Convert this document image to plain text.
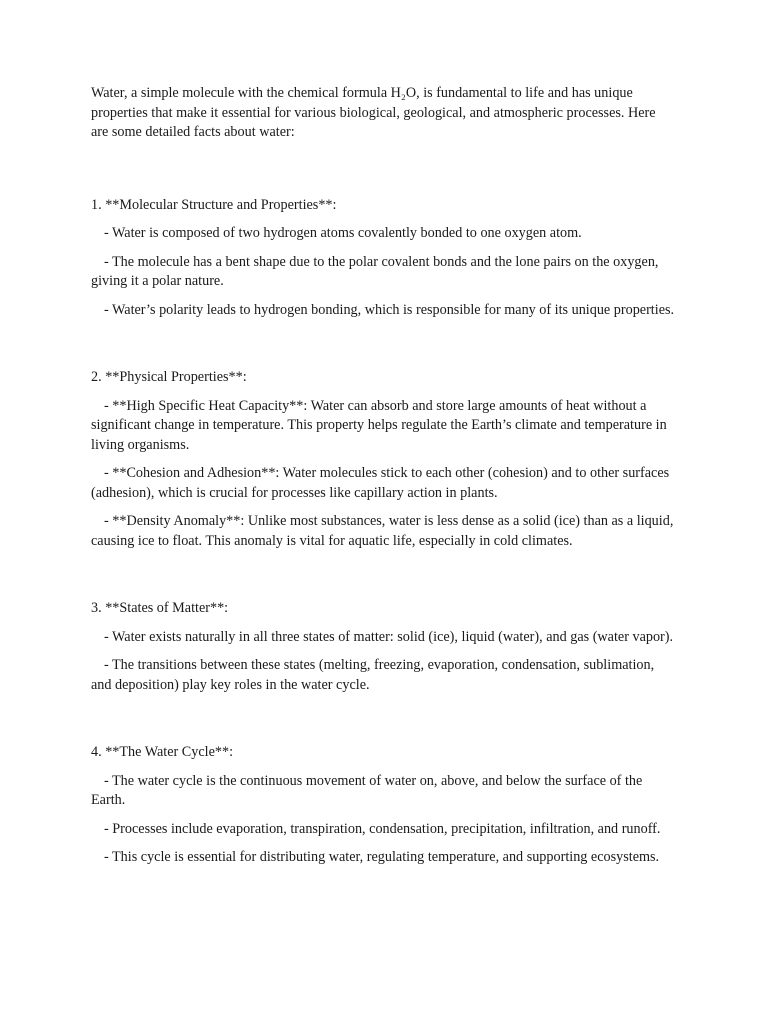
Water, a simple molecule with the chemical formula H₂O, is fundamental to life and has unique properties that make it essential for various biological, geological, and atmospheric processes. Here are some detailed facts about water:

1. **Molecular Structure and Properties**:

- Water is composed of two hydrogen atoms covalently bonded to one oxygen atom.

- The molecule has a bent shape due to the polar covalent bonds and the lone pairs on the oxygen, giving it a polar nature.

- Water’s polarity leads to hydrogen bonding, which is responsible for many of its unique properties.

2. **Physical Properties**:

- **High Specific Heat Capacity**: Water can absorb and store large amounts of heat without a significant change in temperature. This property helps regulate the Earth’s climate and temperature in living organisms.

- **Cohesion and Adhesion**: Water molecules stick to each other (cohesion) and to other surfaces (adhesion), which is crucial for processes like capillary action in plants.

- **Density Anomaly**: Unlike most substances, water is less dense as a solid (ice) than as a liquid, causing ice to float. This anomaly is vital for aquatic life, especially in cold climates.

3. **States of Matter**:

- Water exists naturally in all three states of matter: solid (ice), liquid (water), and gas (water vapor).

- The transitions between these states (melting, freezing, evaporation, condensation, sublimation, and deposition) play key roles in the water cycle.

4. **The Water Cycle**:

- The water cycle is the continuous movement of water on, above, and below the surface of the Earth.

- Processes include evaporation, transpiration, condensation, precipitation, infiltration, and runoff.

- This cycle is essential for distributing water, regulating temperature, and supporting ecosystems.
